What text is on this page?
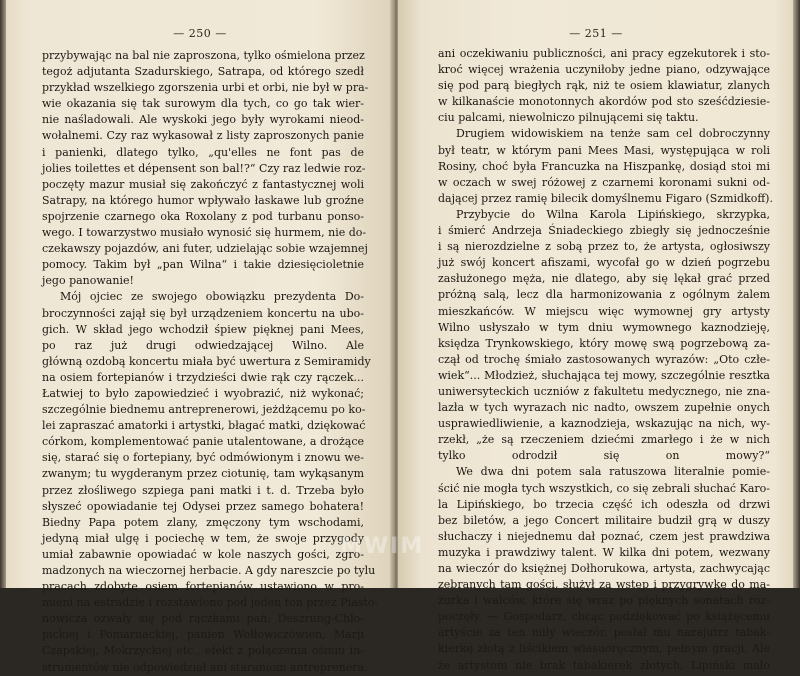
— 250 —
przybywając na bal nie zaproszona, tylko ośmielona przez
tegoż adjutanta Szadurskiego, Satrapa, od którego szedł
przykład wszelkiego zgorszenia urbi et orbi, nie był w pra-
wie okazania się tak surowym dla tych, co go tak wier-
nie naśladowali. Ale wyskoki jego były wyrokami nieod-
wołalnemi. Czy raz wykasował z listy zaproszonych panie
i panienki, dlatego tylko, „qu'elles ne font pas de
jolies toilettes et dépensent son bal!?“ Czy raz ledwie roz-
poczęty mazur musiał się zakończyć z fantastycznej woli
Satrapy, na którego humor wpływało łaskawe lub groźne
spojrzenie czarnego oka Roxolany z pod turbanu ponso-
wego. I towarzystwo musiało wynosić się hurmem, nie do-
czekawszy pojazdów, ani futer, udzielając sobie wzajemnej
pomocy. Takim był „pan Wilna“ i takie dziesięcioletnie
jego panowanie!
Mój ojciec ze swojego obowiązku prezydenta Do-
broczynności zajął się był urządzeniem koncertu na ubo-
gich. W skład jego wchodził śpiew pięknej pani Mees,
po raz już drugi odwiedzającej Wilno. Ale
główną ozdobą koncertu miała być uwertura z Semiramidy
na osiem fortepianów i trzydzieści dwie rąk czy rączek...
Łatwiej to było zapowiedzieć i wyobrazić, niż wykonać;
szczególnie biednemu antreprenerowi, jeżdżącemu po ko-
lei zapraszać amatorki i artystki, błagać matki, dziękować
córkom, komplementować panie utalentowane, a drożące
się, starać się o fortepiany, być odmówionym i znowu we-
zwanym; tu wygderanym przez ciotunię, tam wykąsanym
przez złośliwego szpiega pani matki i t. d. Trzeba było
słyszeć opowiadanie tej Odysei przez samego bohatera!
Biedny Papa potem zlany, zmęczony tym wschodami,
jedyną miał ulgę i pociechę w tem, że swoje przygody
umiał zabawnie opowiadać w kole naszych gości, zgro-
madzonych na wieczornej herbacie. A gdy nareszcie po tylu
pracach zdobyte osiem fortepianów ustawiono w pro-
mieni na estradzie i rozstawiono pod jeden ton przez Piasto-
nowicza ozwały się pod rączkami pań: Deszrung-Chło-
pickiej i Pomarnackiej, panien Wołłowiczówien, Marji
Czapskiej, Mokrzyckiej etc., efekt z połączenia ośmiu in-
strumentów nie odpowiedział ani staraniom antreprenera.
— 251 —
ani oczekiwaniu publiczności, ani pracy egzekutorek i sto-
kroć więcej wrażenia uczyniłoby jedne piano, odzywające
się pod parą biegłych rąk, niż te osiem klawiatur, zlanych
w kilkanaście monotonnych akordów pod sto sześćdziesie-
ciu palcami, niewolniczo pilnującemi się taktu.
Drugiem widowiskiem na tenże sam cel dobroczynny
był teatr, w którym pani Mees Masi, występująca w roli
Rosiny, choć była Francuzka na Hiszpankę, dosiąd stoi mi
w oczach w swej różowej z czarnemi koronami sukni od-
dającej przez ramię bilecik domyślnemu Figaro (Szmidkoff).
Przybycie do Wilna Karola Lipińskiego, skrzypka,
i śmierć Andrzeja Śniadeckiego zbiegły się jednocześnie
i są nierozdzielne z sobą przez to, że artysta, ogłosiwszy
już swój koncert afiszami, wycofał go w dzień pogrzebu
zasłużonego męża, nie dlatego, aby się lękał grać przed
próżną salą, lecz dla harmonizowania z ogólnym żalem
mieszkańców. W miejscu więc wymownej gry artysty
Wilno usłyszało w tym dniu wymownego kaznodzieję,
księdza Trynkowskiego, który mowę swą pogrzebową za-
czął od trochę śmiało zastosowanych wyrazów: „Oto człe-
wiek“... Młodzież, słuchająca tej mowy, szczególnie resztka
uniwersyteckich uczniów z fakultetu medycznego, nie zna-
lazła w tych wyrazach nic nadto, owszem zupełnie onych
usprawiedliwienie, a kaznodzieja, wskazując na nich, wy-
rzekł, „że są rzeczeniem dziećmi zmarłego i że w nich
tylko odrodził się on mowy?“
We dwa dni potem sala ratuszowa literalnie pomie-
ścić nie mogła tych wszystkich, co się zebrali słuchać Karo-
la Lipińskiego, bo trzecia część ich odeszła od drzwi
bez biletów, a jego Concert militaire budził grą w duszy
słuchaczy i niejednemu dał poznać, czem jest prawdziwa
muzyka i prawdziwy talent. W kilka dni potem, wezwany
na wieczór do księżnej Dołhorukowa, artysta, zachwycając
zebranych tam gości, służył za wstęp i przygrywkę do ma-
zurka i walców, które się wraz po pięknych sonatach roz-
poczęły. — Gospodarz, chcąc podziękować po książęcemu
artyście za ten miły wieczór, posłał mu nazajutrz tabak-
kierkę złotą z liścikiem wiasuoręcznym, pełnym gracji. Ale
że artystom nie brak tabakierek złotych, Lipiński mało
MWIM
